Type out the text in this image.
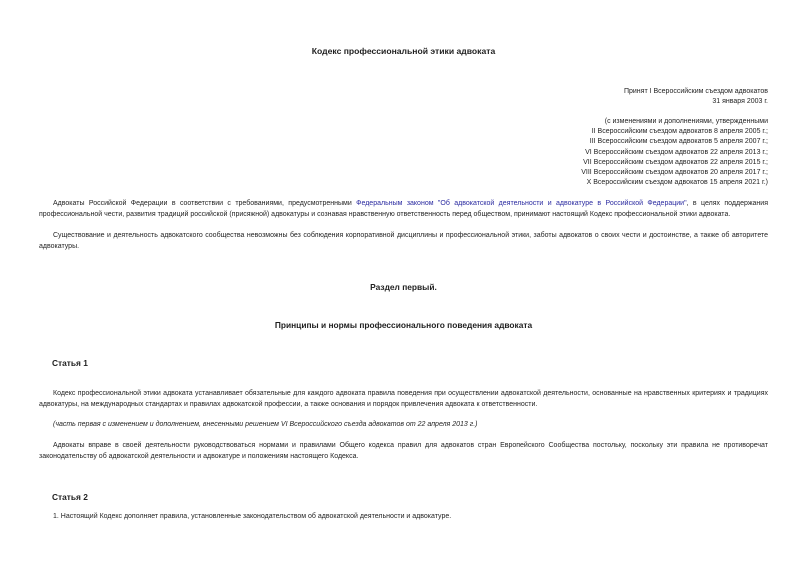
Кодекс профессиональной этики адвоката
Принят I Всероссийским съездом адвокатов
31 января 2003 г.
(с изменениями и дополнениями, утвержденными
II Всероссийским съездом адвокатов 8 апреля 2005 г.;
III Всероссийским съездом адвокатов 5 апреля 2007 г.;
VI Всероссийским съездом адвокатов 22 апреля 2013 г.;
VII Всероссийским съездом адвокатов 22 апреля 2015 г.;
VIII Всероссийским съездом адвокатов 20 апреля 2017 г.;
X Всероссийским съездом адвокатов 15 апреля 2021 г.)
Адвокаты Российской Федерации в соответствии с требованиями, предусмотренными Федеральным законом "Об адвокатской деятельности и адвокатуре в Российской Федерации", в целях поддержания профессиональной чести, развития традиций российской (присяжной) адвокатуры и сознавая нравственную ответственность перед обществом, принимают настоящий Кодекс профессиональной этики адвоката.
Существование и деятельность адвокатского сообщества невозможны без соблюдения корпоративной дисциплины и профессиональной этики, заботы адвокатов о своих чести и достоинстве, а также об авторитете адвокатуры.
Раздел первый.
Принципы и нормы профессионального поведения адвоката
Статья 1
Кодекс профессиональной этики адвоката устанавливает обязательные для каждого адвоката правила поведения при осуществлении адвокатской деятельности, основанные на нравственных критериях и традициях адвокатуры, на международных стандартах и правилах адвокатской профессии, а также основания и порядок привлечения адвоката к ответственности.
(часть первая с изменением и дополнением, внесенными решением VI Всероссийского съезда адвокатов от 22 апреля 2013 г.)
Адвокаты вправе в своей деятельности руководствоваться нормами и правилами Общего кодекса правил для адвокатов стран Европейского Сообщества постольку, поскольку эти правила не противоречат законодательству об адвокатской деятельности и адвокатуре и положениям настоящего Кодекса.
Статья 2
1. Настоящий Кодекс дополняет правила, установленные законодательством об адвокатской деятельности и адвокатуре.
